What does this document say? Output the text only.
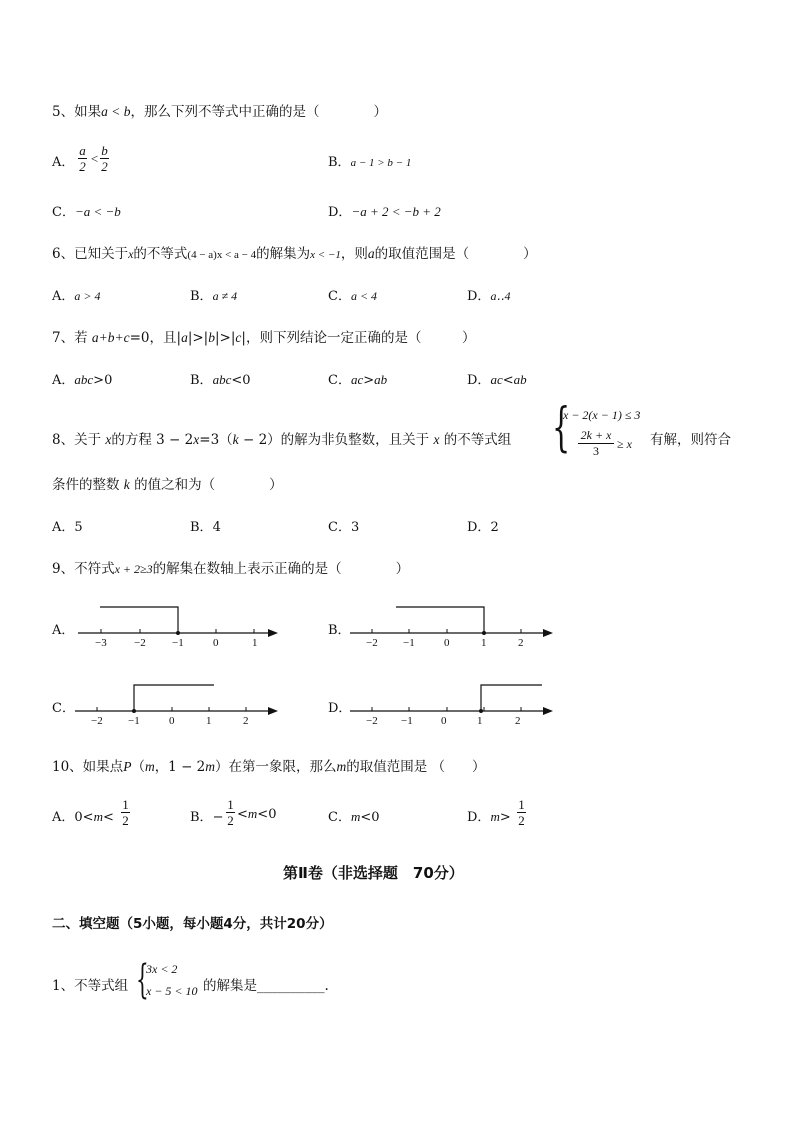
5、如果a < b，那么下列不等式中正确的是（　　　　）
A． $\frac{a}{2} < \frac{b}{2}$	B．a − 1 > b − 1
C．−a < −b	D．−a + 2 < −b + 2
6、已知关于x的不等式(4 − a)x < a − 4的解集为x < −1，则a的取值范围是（　　　　）
A．a > 4	B．a ≠ 4	C．a < 4	D．a‥4
7、若 a+b+c=0，且|a|>|b|>|c|，则下列结论一定正确的是（　　　）
A．abc>0	B．abc<0	C．ac>ab	D．ac<ab
8、关于 x的方程 3 − 2x=3（k − 2）的解为非负整数，且关于 x 的不等式组 {
x − 2(x − 1) ≤ 3
$\frac{2k + x}{3} \ge x$ 有解，则符合
条件的整数 k 的值之和为（　　　　）
A．5	B．4	C．3	D．2
9、不符式x + 2≥3的解集在数轴上表示正确的是（　　　　）
A．
−3 −2 −1	0	1
B．
−2 −1	0	1	2
C．
−2 −1	0	1	2
D．
−2 −1	0	1	2
10、如果点P（m，1 − 2m）在第一象限，那么m的取值范围是 （　　）
A．$0<m< \frac{1}{2}$	B．− $\frac{1}{2} <m<0$	C．m<0	D．$m> \frac{1}{2}$
第Ⅱ卷（非选择题　70分）
二、填空题（5小题，每小题4分，共计20分）
1、不等式组 {
3x < 2
x − 5 < 10 的解集是__________.
